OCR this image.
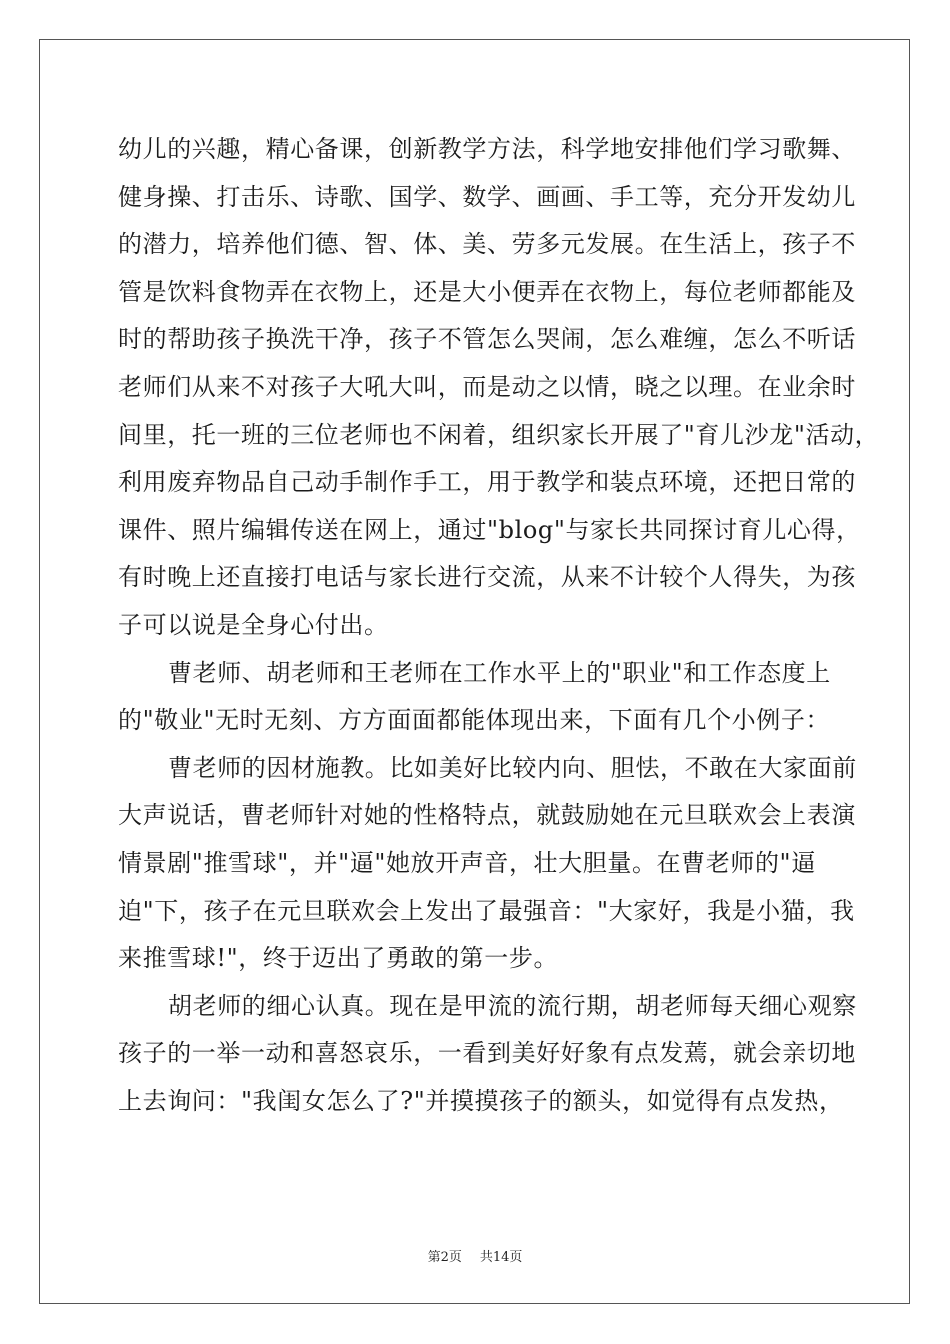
幼儿的兴趣，精心备课，创新教学方法，科学地安排他们学习歌舞、
健身操、打击乐、诗歌、国学、数学、画画、手工等，充分开发幼儿
的潜力，培养他们德、智、体、美、劳多元发展。在生活上，孩子不
管是饮料食物弄在衣物上，还是大小便弄在衣物上，每位老师都能及
时的帮助孩子换洗干净，孩子不管怎么哭闹，怎么难缠，怎么不听话
老师们从来不对孩子大吼大叫，而是动之以情，晓之以理。在业余时
间里，托一班的三位老师也不闲着，组织家长开展了"育儿沙龙"活动，
利用废弃物品自己动手制作手工，用于教学和装点环境，还把日常的
课件、照片编辑传送在网上，通过"blog"与家长共同探讨育儿心得，
有时晚上还直接打电话与家长进行交流，从来不计较个人得失，为孩
子可以说是全身心付出。
曹老师、胡老师和王老师在工作水平上的"职业"和工作态度上
的"敬业"无时无刻、方方面面都能体现出来，下面有几个小例子：
曹老师的因材施教。比如美好比较内向、胆怯，不敢在大家面前
大声说话，曹老师针对她的性格特点，就鼓励她在元旦联欢会上表演
情景剧"推雪球"，并"逼"她放开声音，壮大胆量。在曹老师的"逼
迫"下，孩子在元旦联欢会上发出了最强音："大家好，我是小猫，我
来推雪球!"，终于迈出了勇敢的第一步。
胡老师的细心认真。现在是甲流的流行期，胡老师每天细心观察
孩子的一举一动和喜怒哀乐，一看到美好好象有点发蔫，就会亲切地
上去询问："我闺女怎么了?"并摸摸孩子的额头，如觉得有点发热，
第2页 共14页
